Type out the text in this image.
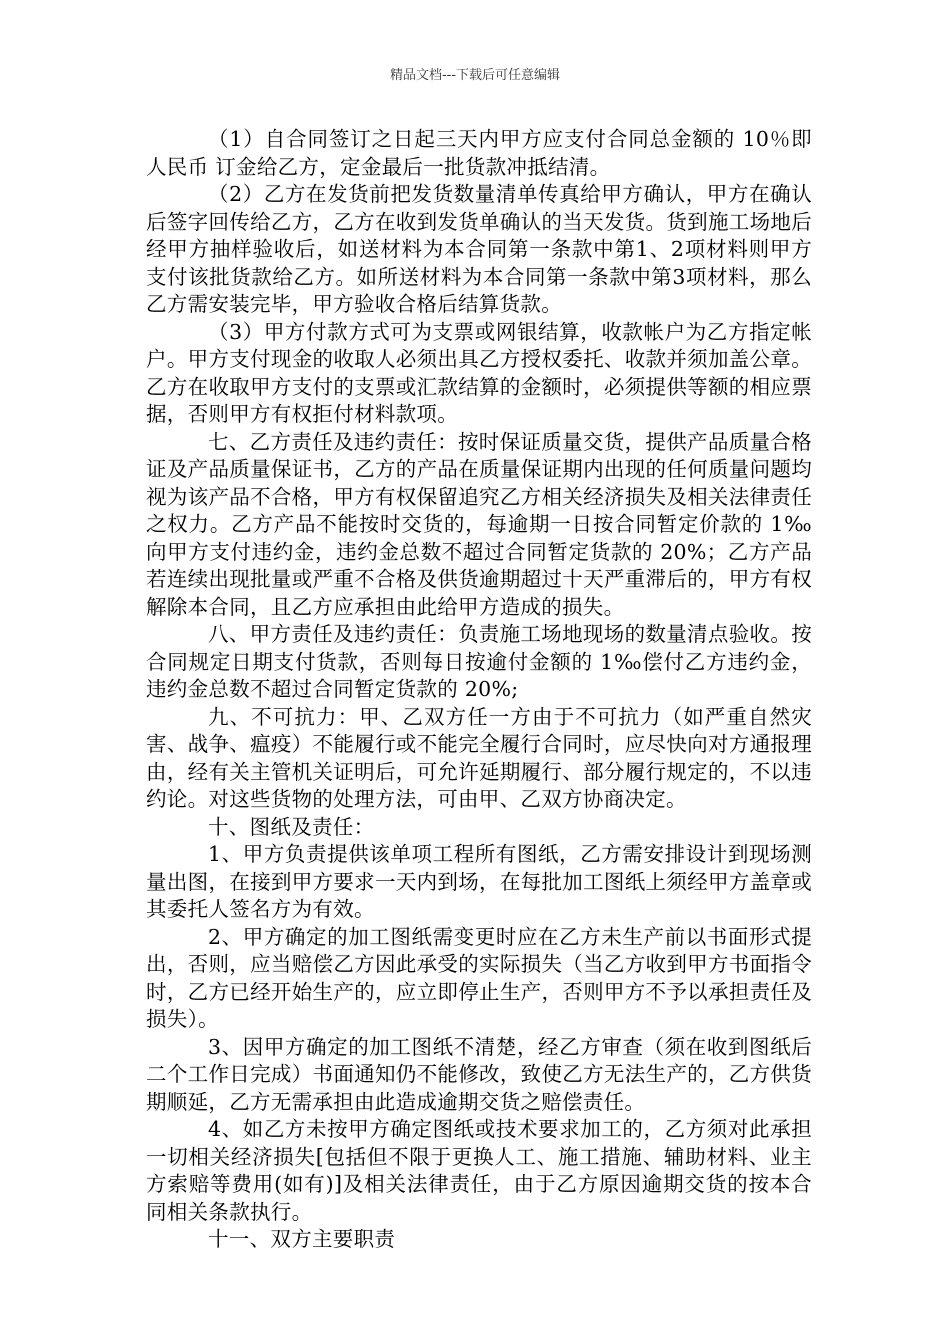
精品文档---下载后可任意编辑

（1）自合同签订之日起三天内甲方应支付合同总金额的 10％即人民币 订金给乙方，定金最后一批货款冲抵结清。

（2）乙方在发货前把发货数量清单传真给甲方确认，甲方在确认后签字回传给乙方，乙方在收到发货单确认的当天发货。货到施工场地后经甲方抽样验收后，如送材料为本合同第一条款中第1、2项材料则甲方支付该批货款给乙方。如所送材料为本合同第一条款中第3项材料，那么乙方需安装完毕，甲方验收合格后结算货款。

（3）甲方付款方式可为支票或网银结算，收款帐户为乙方指定帐户。甲方支付现金的收取人必须出具乙方授权委托、收款并须加盖公章。乙方在收取甲方支付的支票或汇款结算的金额时，必须提供等额的相应票据，否则甲方有权拒付材料款项。

七、乙方责任及违约责任：按时保证质量交货，提供产品质量合格证及产品质量保证书，乙方的产品在质量保证期内出现的任何质量问题均视为该产品不合格，甲方有权保留追究乙方相关经济损失及相关法律责任之权力。乙方产品不能按时交货的，每逾期一日按合同暂定价款的 1‰向甲方支付违约金，违约金总数不超过合同暂定货款的 20%；乙方产品若连续出现批量或严重不合格及供货逾期超过十天严重滞后的，甲方有权解除本合同，且乙方应承担由此给甲方造成的损失。

八、甲方责任及违约责任：负责施工场地现场的数量清点验收。按合同规定日期支付货款，否则每日按逾付金额的 1‰偿付乙方违约金，违约金总数不超过合同暂定货款的 20%;

九、不可抗力：甲、乙双方任一方由于不可抗力（如严重自然灾害、战争、瘟疫）不能履行或不能完全履行合同时，应尽快向对方通报理由，经有关主管机关证明后，可允许延期履行、部分履行规定的，不以违约论。对这些货物的处理方法，可由甲、乙双方协商决定。

十、图纸及责任：

1、甲方负责提供该单项工程所有图纸，乙方需安排设计到现场测量出图，在接到甲方要求一天内到场，在每批加工图纸上须经甲方盖章或其委托人签名方为有效。

2、甲方确定的加工图纸需变更时应在乙方未生产前以书面形式提出，否则，应当赔偿乙方因此承受的实际损失（当乙方收到甲方书面指令时，乙方已经开始生产的，应立即停止生产，否则甲方不予以承担责任及损失）。

3、因甲方确定的加工图纸不清楚，经乙方审查（须在收到图纸后二个工作日完成）书面通知仍不能修改，致使乙方无法生产的，乙方供货期顺延，乙方无需承担由此造成逾期交货之赔偿责任。

4、如乙方未按甲方确定图纸或技术要求加工的，乙方须对此承担一切相关经济损失[包括但不限于更换人工、施工措施、辅助材料、业主方索赔等费用(如有)]及相关法律责任，由于乙方原因逾期交货的按本合同相关条款执行。

十一、双方主要职责
